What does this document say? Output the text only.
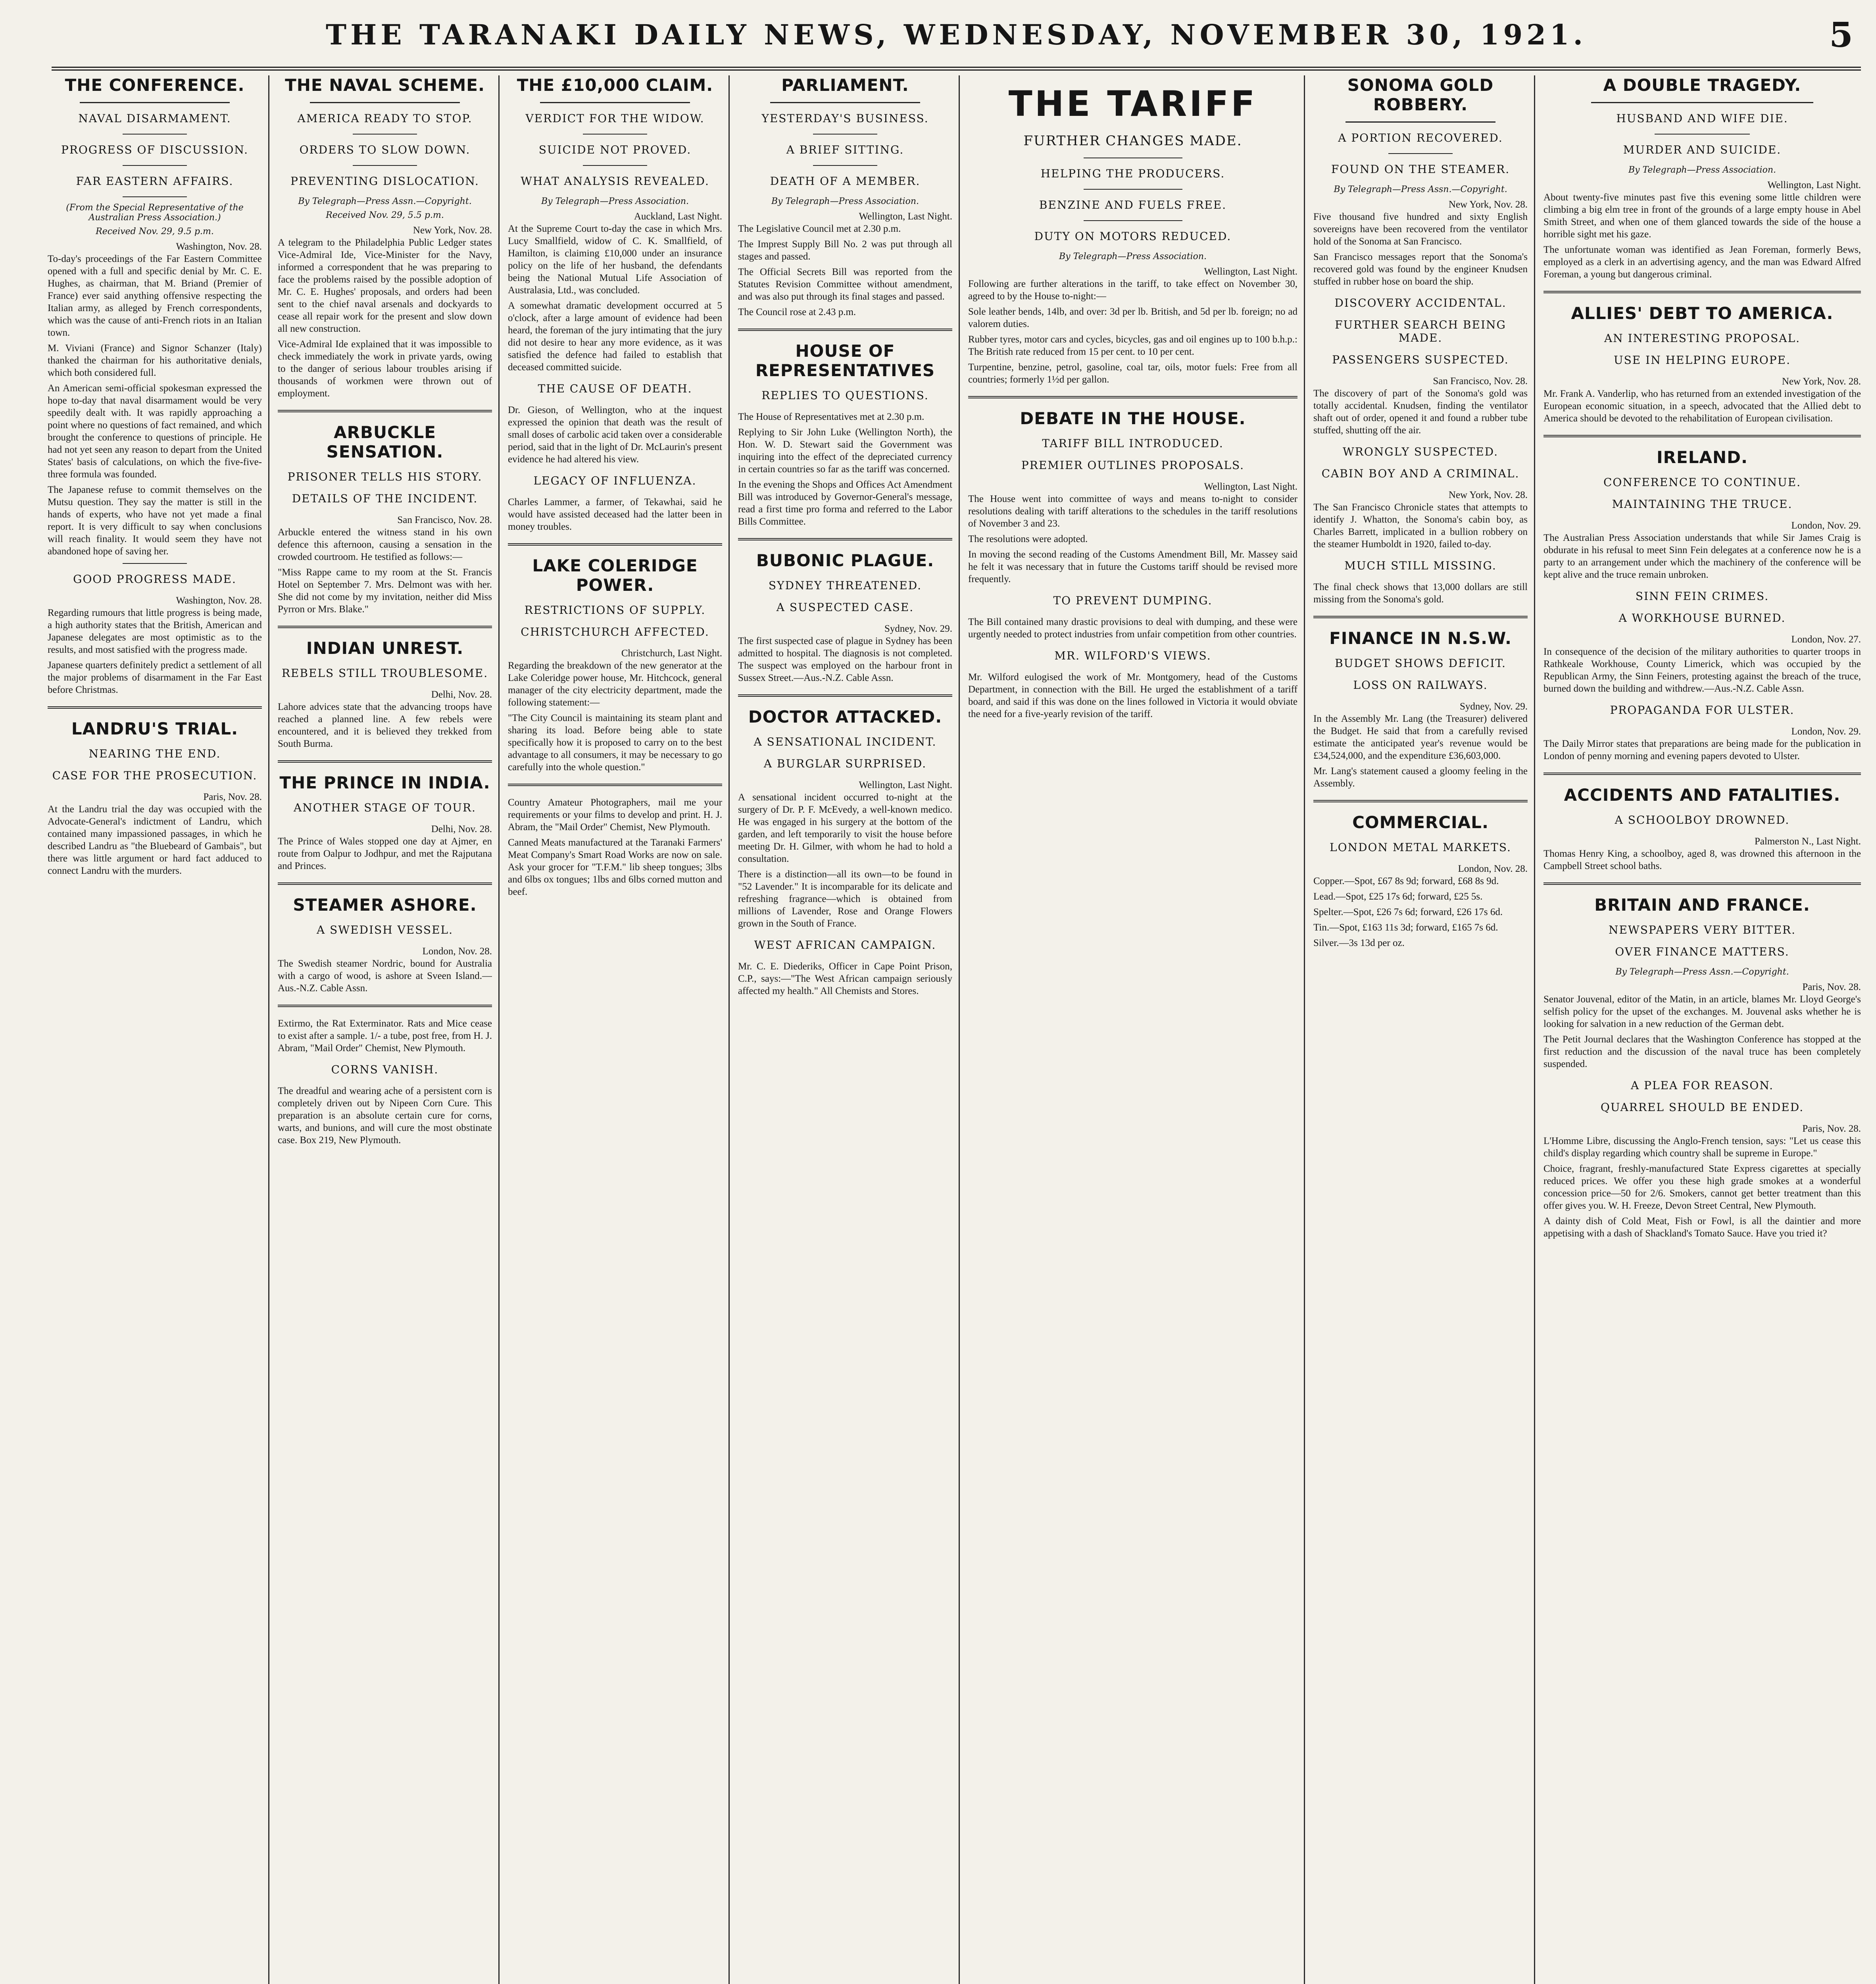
THE TARANAKI DAILY NEWS, WEDNESDAY, NOVEMBER 30, 1921.	5
THE CONFERENCE.
NAVAL DISARMAMENT.
PROGRESS OF DISCUSSION.
FAR EASTERN AFFAIRS.
(From the Special Representative of the Australian Press Association.)
Received Nov. 29, 9.5 p.m.

Washington, Nov. 28.

To-day's proceedings of the Far Eastern Committee opened with a full and specific denial by Mr. C. E. Hughes, as chairman, that M. Briand (Premier of France) ever said anything offensive respecting the Italian army, as alleged by French correspondents, which was the cause of anti-French riots in an Italian town.

M. Viviani (France) and Signor Schanzer (Italy) thanked the chairman for his authoritative denials, which both considered full.

An American semi-official spokesman expressed the hope to-day that naval disarmament would be very speedily dealt with. It was rapidly approaching a point where no questions of fact remained, and which brought the conference to questions of principle. He had not yet seen any reason to depart from the United States' basis of calculations, on which the five-five-three formula was founded.

The Japanese refuse to commit themselves on the Mutsu question. They say the matter is still in the hands of experts, who have not yet made a final report. It is very difficult to say when conclusions will reach finality. It would seem they have not abandoned hope of saving her.

GOOD PROGRESS MADE.

Washington, Nov. 28.

Regarding rumours that little progress is being made, a high authority states that the British, American and Japanese delegates are most optimistic as to the results, and most satisfied with the progress made.

Japanese quarters definitely predict a settlement of all the major problems of disarmament in the Far East before Christmas.

LANDRU'S TRIAL.
NEARING THE END.
CASE FOR THE PROSECUTION.

Paris, Nov. 28.

At the Landru trial the day was occupied with the Advocate-General's indictment of Landru, which contained many impassioned passages, in which he described Landru as "the Bluebeard of Gambais", but there was little argument or hard fact adduced to connect Landru with the murders.

THE NAVAL SCHEME.
AMERICA READY TO STOP.
ORDERS TO SLOW DOWN.
PREVENTING DISLOCATION.
By Telegraph—Press Assn.—Copyright.
Received Nov. 29, 5.5 p.m.

New York, Nov. 28.

A telegram to the Philadelphia Public Ledger states Vice-Admiral Ide, Vice-Minister for the Navy, informed a correspondent that he was preparing to face the problems raised by the possible adoption of Mr. C. E. Hughes' proposals, and orders had been sent to the chief naval arsenals and dockyards to cease all repair work for the present and slow down all new construction.

Vice-Admiral Ide explained that it was impossible to check immediately the work in private yards, owing to the danger of serious labour troubles arising if thousands of workmen were thrown out of employment.

ARBUCKLE SENSATION.
PRISONER TELLS HIS STORY.
DETAILS OF THE INCIDENT.

San Francisco, Nov. 28.

Arbuckle entered the witness stand in his own defence this afternoon, causing a sensation in the crowded courtroom. He testified as follows:—

"Miss Rappe came to my room at the St. Francis Hotel on September 7. Mrs. Delmont was with her. She did not come by my invitation, neither did Miss Pyrron or Mrs. Blake."

INDIAN UNREST.
REBELS STILL TROUBLESOME.

Delhi, Nov. 28.

Lahore advices state that the advancing troops have reached a planned line. A few rebels were encountered, and it is believed they trekked from South Burma.

THE PRINCE IN INDIA.
ANOTHER STAGE OF TOUR.

Delhi, Nov. 28.

The Prince of Wales stopped one day at Ajmer, en route from Oalpur to Jodhpur, and met the Rajputana and Princes.

STEAMER ASHORE.
A SWEDISH VESSEL.

London, Nov. 28.

The Swedish steamer Nordric, bound for Australia with a cargo of wood, is ashore at Sveen Island.—Aus.-N.Z. Cable Assn.

Extirmo, the Rat Exterminator. Rats and Mice cease to exist after a sample. 1/- a tube, post free, from H. J. Abram, "Mail Order" Chemist, New Plymouth.

CORNS VANISH.

The dreadful and wearing ache of a persistent corn is completely driven out by Nipeen Corn Cure. This preparation is an absolute certain cure for corns, warts, and bunions, and will cure the most obstinate case. Box 219, New Plymouth.

THE £10,000 CLAIM.
VERDICT FOR THE WIDOW.
SUICIDE NOT PROVED.
WHAT ANALYSIS REVEALED.
By Telegraph—Press Association.

Auckland, Last Night.

At the Supreme Court to-day the case in which Mrs. Lucy Smallfield, widow of C. K. Smallfield, of Hamilton, is claiming £10,000 under an insurance policy on the life of her husband, the defendants being the National Mutual Life Association of Australasia, Ltd., was concluded.

A somewhat dramatic development occurred at 5 o'clock, after a large amount of evidence had been heard, the foreman of the jury intimating that the jury did not desire to hear any more evidence, as it was satisfied the defence had failed to establish that deceased committed suicide.

THE CAUSE OF DEATH.

Dr. Gieson, of Wellington, who at the inquest expressed the opinion that death was the result of small doses of carbolic acid taken over a considerable period, said that in the light of Dr. McLaurin's present evidence he had altered his view.

LEGACY OF INFLUENZA.

Charles Lammer, a farmer, of Tekawhai, said he would have assisted deceased had the latter been in money troubles.

LAKE COLERIDGE POWER.
RESTRICTIONS OF SUPPLY.
CHRISTCHURCH AFFECTED.

Christchurch, Last Night.

Regarding the breakdown of the new generator at the Lake Coleridge power house, Mr. Hitchcock, general manager of the city electricity department, made the following statement:—

"The City Council is maintaining its steam plant and sharing its load. Before being able to state specifically how it is proposed to carry on to the best advantage to all consumers, it may be necessary to go carefully into the whole question."

Country Amateur Photographers, mail me your requirements or your films to develop and print. H. J. Abram, the "Mail Order" Chemist, New Plymouth.

Canned Meats manufactured at the Taranaki Farmers' Meat Company's Smart Road Works are now on sale. Ask your grocer for "T.F.M." lib sheep tongues; 3lbs and 6lbs ox tongues; 1lbs and 6lbs corned mutton and beef.

PARLIAMENT.
YESTERDAY'S BUSINESS.
A BRIEF SITTING.
DEATH OF A MEMBER.
By Telegraph—Press Association.

Wellington, Last Night.

The Legislative Council met at 2.30 p.m.

The Imprest Supply Bill No. 2 was put through all stages and passed.

The Official Secrets Bill was reported from the Statutes Revision Committee without amendment, and was also put through its final stages and passed.

The Council rose at 2.43 p.m.

HOUSE OF REPRESENTATIVES
REPLIES TO QUESTIONS.

The House of Representatives met at 2.30 p.m.

Replying to Sir John Luke (Wellington North), the Hon. W. D. Stewart said the Government was inquiring into the effect of the depreciated currency in certain countries so far as the tariff was concerned.

In the evening the Shops and Offices Act Amendment Bill was introduced by Governor-General's message, read a first time pro forma and referred to the Labor Bills Committee.

BUBONIC PLAGUE.
SYDNEY THREATENED.
A SUSPECTED CASE.

Sydney, Nov. 29.

The first suspected case of plague in Sydney has been admitted to hospital. The diagnosis is not completed. The suspect was employed on the harbour front in Sussex Street.—Aus.-N.Z. Cable Assn.

DOCTOR ATTACKED.
A SENSATIONAL INCIDENT.
A BURGLAR SURPRISED.

Wellington, Last Night.

A sensational incident occurred to-night at the surgery of Dr. P. F. McEvedy, a well-known medico. He was engaged in his surgery at the bottom of the garden, and left temporarily to visit the house before meeting Dr. H. Gilmer, with whom he had to hold a consultation.

There is a distinction—all its own—to be found in "52 Lavender." It is incomparable for its delicate and refreshing fragrance—which is obtained from millions of Lavender, Rose and Orange Flowers grown in the South of France.

WEST AFRICAN CAMPAIGN.

Mr. C. E. Diederiks, Officer in Cape Point Prison, C.P., says:—"The West African campaign seriously affected my health." All Chemists and Stores.

THE TARIFF
FURTHER CHANGES MADE.
HELPING THE PRODUCERS.
BENZINE AND FUELS FREE.
DUTY ON MOTORS REDUCED.
By Telegraph—Press Association.

Wellington, Last Night.

Following are further alterations in the tariff, to take effect on November 30, agreed to by the House to-night:—

Sole leather bends, 14lb, and over: 3d per lb. British, and 5d per lb. foreign; no ad valorem duties.

Rubber tyres, motor cars and cycles, bicycles, gas and oil engines up to 100 b.h.p.: The British rate reduced from 15 per cent. to 10 per cent.

Turpentine, benzine, petrol, gasoline, coal tar, oils, motor fuels: Free from all countries; formerly 1½d per gallon.

DEBATE IN THE HOUSE.
TARIFF BILL INTRODUCED.
PREMIER OUTLINES PROPOSALS.

Wellington, Last Night.

The House went into committee of ways and means to-night to consider resolutions dealing with tariff alterations to the schedules in the tariff resolutions of November 3 and 23.

The resolutions were adopted.

In moving the second reading of the Customs Amendment Bill, Mr. Massey said he felt it was necessary that in future the Customs tariff should be revised more frequently.

TO PREVENT DUMPING.

The Bill contained many drastic provisions to deal with dumping, and these were urgently needed to protect industries from unfair competition from other countries.

MR. WILFORD'S VIEWS.

Mr. Wilford eulogised the work of Mr. Montgomery, head of the Customs Department, in connection with the Bill. He urged the establishment of a tariff board, and said if this was done on the lines followed in Victoria it would obviate the need for a five-yearly revision of the tariff.

SONOMA GOLD ROBBERY.
A PORTION RECOVERED.
FOUND ON THE STEAMER.
By Telegraph—Press Assn.—Copyright.

New York, Nov. 28.

Five thousand five hundred and sixty English sovereigns have been recovered from the ventilator hold of the Sonoma at San Francisco.

San Francisco messages report that the Sonoma's recovered gold was found by the engineer Knudsen stuffed in rubber hose on board the ship.

DISCOVERY ACCIDENTAL.
FURTHER SEARCH BEING MADE.
PASSENGERS SUSPECTED.

San Francisco, Nov. 28.

The discovery of part of the Sonoma's gold was totally accidental. Knudsen, finding the ventilator shaft out of order, opened it and found a rubber tube stuffed, shutting off the air.

WRONGLY SUSPECTED.
CABIN BOY AND A CRIMINAL.

New York, Nov. 28.

The San Francisco Chronicle states that attempts to identify J. Whatton, the Sonoma's cabin boy, as Charles Barrett, implicated in a bullion robbery on the steamer Humboldt in 1920, failed to-day.

MUCH STILL MISSING.

The final check shows that 13,000 dollars are still missing from the Sonoma's gold.

FINANCE IN N.S.W.
BUDGET SHOWS DEFICIT.
LOSS ON RAILWAYS.

Sydney, Nov. 29.

In the Assembly Mr. Lang (the Treasurer) delivered the Budget. He said that from a carefully revised estimate the anticipated year's revenue would be £34,524,000, and the expenditure £36,603,000.

Mr. Lang's statement caused a gloomy feeling in the Assembly.

COMMERCIAL.
LONDON METAL MARKETS.

London, Nov. 28.

Copper.—Spot, £67 8s 9d; forward, £68 8s 9d.

Lead.—Spot, £25 17s 6d; forward, £25 5s.

Spelter.—Spot, £26 7s 6d; forward, £26 17s 6d.

Tin.—Spot, £163 11s 3d; forward, £165 7s 6d.

Silver.—3s 13d per oz.

A DOUBLE TRAGEDY.
HUSBAND AND WIFE DIE.
MURDER AND SUICIDE.
By Telegraph—Press Association.

Wellington, Last Night.

About twenty-five minutes past five this evening some little children were climbing a big elm tree in front of the grounds of a large empty house in Abel Smith Street, and when one of them glanced towards the side of the house a horrible sight met his gaze.

The unfortunate woman was identified as Jean Foreman, formerly Bews, employed as a clerk in an advertising agency, and the man was Edward Alfred Foreman, a young but dangerous criminal.

ALLIES' DEBT TO AMERICA.
AN INTERESTING PROPOSAL.
USE IN HELPING EUROPE.

New York, Nov. 28.

Mr. Frank A. Vanderlip, who has returned from an extended investigation of the European economic situation, in a speech, advocated that the Allied debt to America should be devoted to the rehabilitation of European civilisation.

IRELAND.
CONFERENCE TO CONTINUE.
MAINTAINING THE TRUCE.

London, Nov. 29.

The Australian Press Association understands that while Sir James Craig is obdurate in his refusal to meet Sinn Fein delegates at a conference now he is a party to an arrangement under which the machinery of the conference will be kept alive and the truce remain unbroken.

SINN FEIN CRIMES.
A WORKHOUSE BURNED.

London, Nov. 27.

In consequence of the decision of the military authorities to quarter troops in Rathkeale Workhouse, County Limerick, which was occupied by the Republican Army, the Sinn Feiners, protesting against the breach of the truce, burned down the building and withdrew.—Aus.-N.Z. Cable Assn.

PROPAGANDA FOR ULSTER.

London, Nov. 29.

The Daily Mirror states that preparations are being made for the publication in London of penny morning and evening papers devoted to Ulster.

ACCIDENTS AND FATALITIES.
A SCHOOLBOY DROWNED.

Palmerston N., Last Night.

Thomas Henry King, a schoolboy, aged 8, was drowned this afternoon in the Campbell Street school baths.

BRITAIN AND FRANCE.
NEWSPAPERS VERY BITTER.
OVER FINANCE MATTERS.
By Telegraph—Press Assn.—Copyright.

Paris, Nov. 28.

Senator Jouvenal, editor of the Matin, in an article, blames Mr. Lloyd George's selfish policy for the upset of the exchanges. M. Jouvenal asks whether he is looking for salvation in a new reduction of the German debt.

The Petit Journal declares that the Washington Conference has stopped at the first reduction and the discussion of the naval truce has been completely suspended.

A PLEA FOR REASON.
QUARREL SHOULD BE ENDED.

Paris, Nov. 28.

L'Homme Libre, discussing the Anglo-French tension, says: "Let us cease this child's display regarding which country shall be supreme in Europe."

Choice, fragrant, freshly-manufactured State Express cigarettes at specially reduced prices. We offer you these high grade smokes at a wonderful concession price—50 for 2/6. Smokers, cannot get better treatment than this offer gives you. W. H. Freeze, Devon Street Central, New Plymouth.

A dainty dish of Cold Meat, Fish or Fowl, is all the daintier and more appetising with a dash of Shackland's Tomato Sauce. Have you tried it?
